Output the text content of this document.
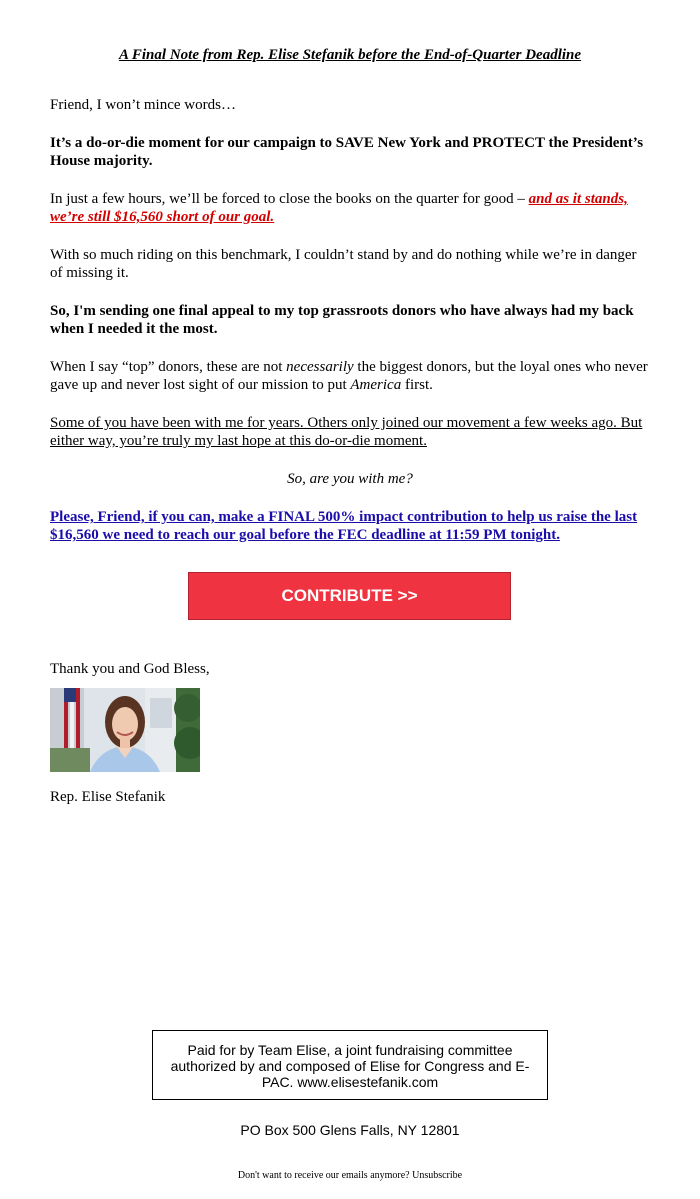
A Final Note from Rep. Elise Stefanik before the End-of-Quarter Deadline

Friend, I won’t mince words…

It’s a do-or-die moment for our campaign to SAVE New York and PROTECT the President’s House majority.

In just a few hours, we’ll be forced to close the books on the quarter for good – and as it stands, we’re still $16,560 short of our goal.

With so much riding on this benchmark, I couldn’t stand by and do nothing while we’re in danger of missing it.

So, I'm sending one final appeal to my top grassroots donors who have always had my back when I needed it the most.

When I say “top” donors, these are not necessarily the biggest donors, but the loyal ones who never gave up and never lost sight of our mission to put America first.

Some of you have been with me for years. Others only joined our movement a few weeks ago. But either way, you’re truly my last hope at this do-or-die moment.

So, are you with me?

Please, Friend, if you can, make a FINAL 500% impact contribution to help us raise the last $16,560 we need to reach our goal before the FEC deadline at 11:59 PM tonight.

CONTRIBUTE >>

Thank you and God Bless,

Rep. Elise Stefanik

Paid for by Team Elise, a joint fundraising committee authorized by and composed of Elise for Congress and E-PAC. www.elisestefanik.com
PO Box 500 Glens Falls, NY 12801
Don't want to receive our emails anymore? Unsubscribe
